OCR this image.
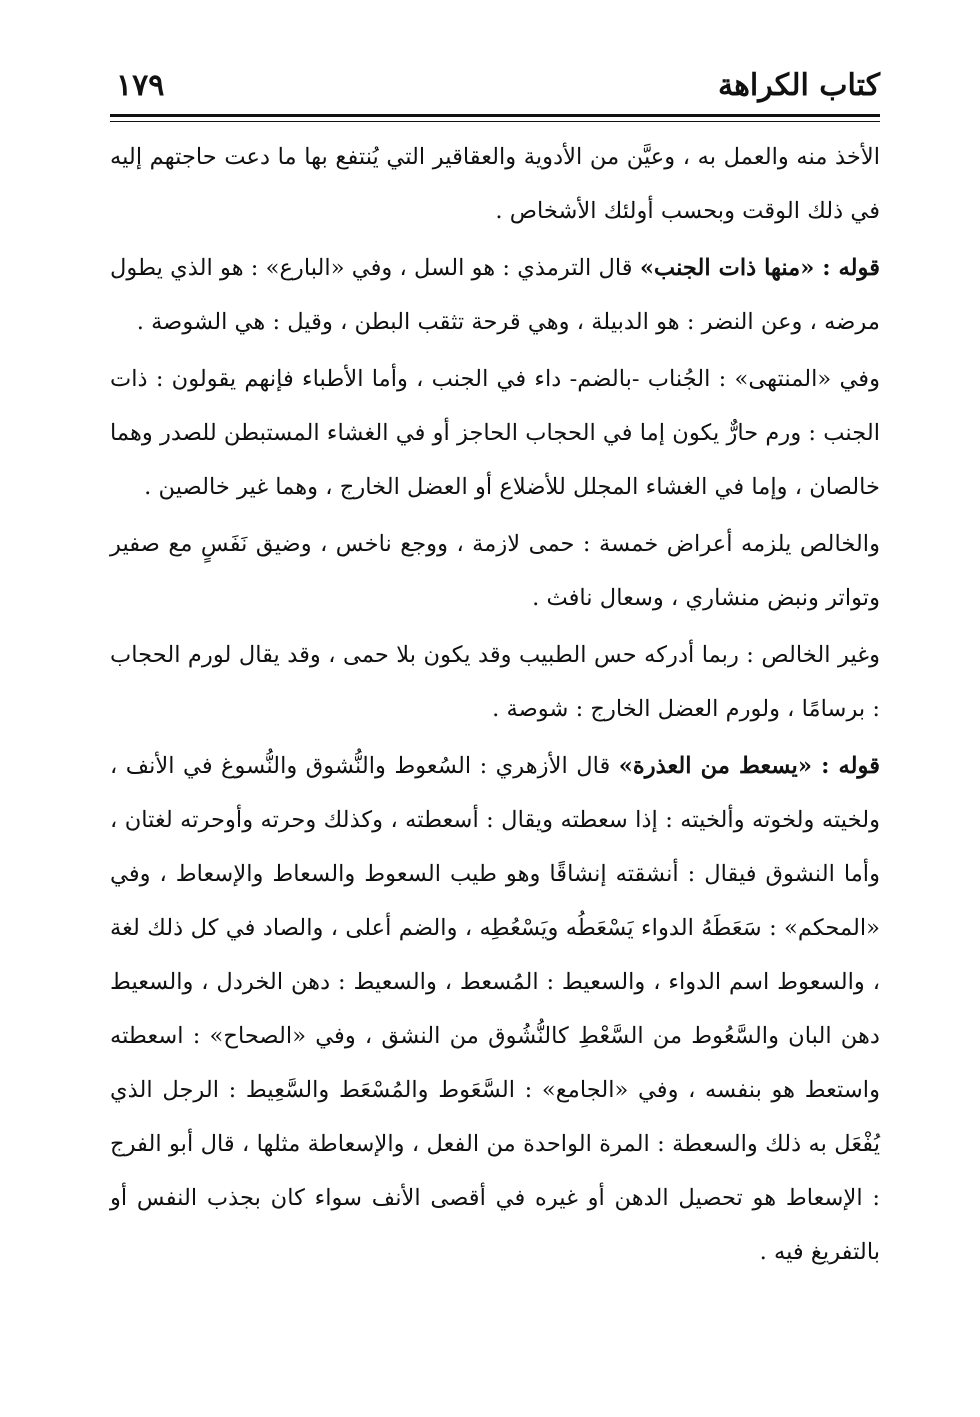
كتاب الكراهة
١٧٩

الأخذ منه والعمل به ، وعيَّن من الأدوية والعقاقير التي يُنتفع بها ما دعت حاجتهم إليه في ذلك الوقت وبحسب أولئك الأشخاص .

قوله : «منها ذات الجنب» قال الترمذي : هو السل ، وفي «البارع» : هو الذي يطول مرضه ، وعن النضر : هو الدبيلة ، وهي قرحة تثقب البطن ، وقيل : هي الشوصة .

وفي «المنتهى» : الجُناب -بالضم- داء في الجنب ، وأما الأطباء فإنهم يقولون : ذات الجنب : ورم حارٌّ يكون إما في الحجاب الحاجز أو في الغشاء المستبطن للصدر وهما خالصان ، وإما في الغشاء المجلل للأضلاع أو العضل الخارج ، وهما غير خالصين .

والخالص يلزمه أعراض خمسة : حمى لازمة ، ووجع ناخس ، وضيق نَفَسٍ مع صفير وتواتر ونبض منشاري ، وسعال نافث .

وغير الخالص : ربما أدركه حس الطبيب وقد يكون بلا حمى ، وقد يقال لورم الحجاب : برسامًا ، ولورم العضل الخارج : شوصة .

قوله : «يسعط من العذرة» قال الأزهري : السُعوط والنُّشوق والنُّسوغ في الأنف ، ولخيته ولخوته وألخيته : إذا سعطته ويقال : أسعطته ، وكذلك وحرته وأوحرته لغتان ، وأما النشوق فيقال : أنشقته إنشاقًا وهو طيب السعوط والسعاط والإسعاط ، وفي «المحكم» : سَعَطَهُ الدواء يَسْعَطُه ويَسْعُطِه ، والضم أعلى ، والصاد في كل ذلك لغة ، والسعوط اسم الدواء ، والسعيط : المُسعط ، والسعيط : دهن الخردل ، والسعيط دهن البان والسَّعُوط من السَّعْطِ كالنُّشُوق من النشق ، وفي «الصحاح» : اسعطته واستعط هو بنفسه ، وفي «الجامع» : السَّعَوط والمُسْعَط والسَّعِيط : الرجل الذي يُفْعَل به ذلك والسعطة : المرة الواحدة من الفعل ، والإسعاطة مثلها ، قال أبو الفرج : الإسعاط هو تحصيل الدهن أو غيره في أقصى الأنف سواء كان بجذب النفس أو بالتفريغ فيه .
